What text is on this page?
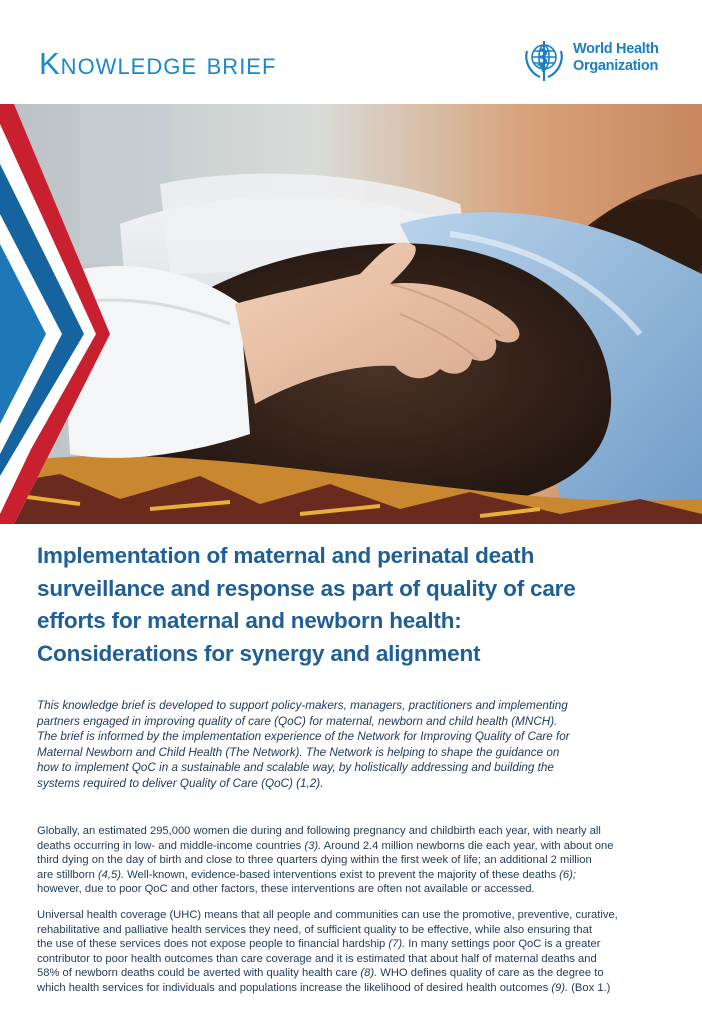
Knowledge brief	World Health
Organization
Implementation of maternal and perinatal death
surveillance and response as part of quality of care
efforts for maternal and newborn health:
Considerations for synergy and alignment

This knowledge brief is developed to support policy-makers, managers, practitioners and implementing
partners engaged in improving quality of care (QoC) for maternal, newborn and child health (MNCH).
The brief is informed by the implementation experience of the Network for Improving Quality of Care for
Maternal Newborn and Child Health (The Network). The Network is helping to shape the guidance on
how to implement QoC in a sustainable and scalable way, by holistically addressing and building the
systems required to deliver Quality of Care (QoC) (1,2).

Globally, an estimated 295,000 women die during and following pregnancy and childbirth each year, with nearly all
deaths occurring in low- and middle-income countries (3). Around 2.4 million newborns die each year, with about one
third dying on the day of birth and close to three quarters dying within the first week of life; an additional 2 million
are stillborn (4,5). Well-known, evidence-based interventions exist to prevent the majority of these deaths (6);
however, due to poor QoC and other factors, these interventions are often not available or accessed.

Universal health coverage (UHC) means that all people and communities can use the promotive, preventive, curative,
rehabilitative and palliative health services they need, of sufficient quality to be effective, while also ensuring that
the use of these services does not expose people to financial hardship (7). In many settings poor QoC is a greater
contributor to poor health outcomes than care coverage and it is estimated that about half of maternal deaths and
58% of newborn deaths could be averted with quality health care (8). WHO defines quality of care as the degree to
which health services for individuals and populations increase the likelihood of desired health outcomes (9). (Box 1.)
